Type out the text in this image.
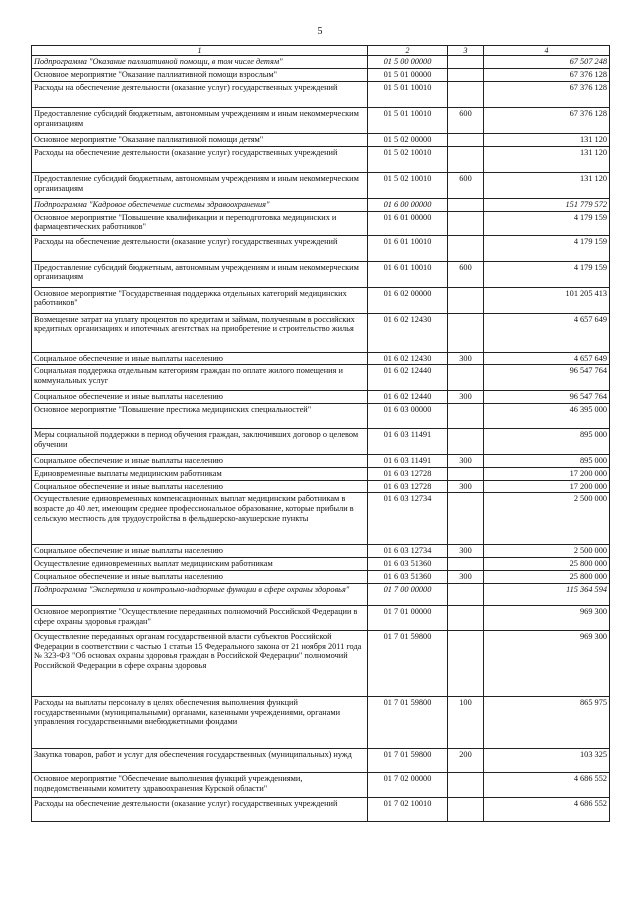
5
1	2	3	4
Подпрограмма "Оказание паллиативной помощи, в том числе детям"	01 5 00 00000		67 507 248
Основное мероприятие "Оказание паллиативной помощи взрослым"	01 5 01 00000		67 376 128
Расходы на обеспечение деятельности (оказание услуг) государственных учреждений	01 5 01 10010		67 376 128
Предоставление субсидий бюджетным, автономным учреждениям и иным некоммерческим организациям	01 5 01 10010	600	67 376 128
Основное мероприятие "Оказание паллиативной помощи детям"	01 5 02 00000		131 120
Расходы на обеспечение деятельности (оказание услуг) государственных учреждений	01 5 02 10010		131 120
Предоставление субсидий бюджетным, автономным учреждениям и иным некоммерческим организациям	01 5 02 10010	600	131 120
Подпрограмма "Кадровое обеспечение системы здравоохранения"	01 6 00 00000		151 779 572
Основное мероприятие "Повышение квалификации и переподготовка медицинских и фармацевтических работников"	01 6 01 00000		4 179 159
Расходы на обеспечение деятельности (оказание услуг) государственных учреждений	01 6 01 10010		4 179 159
Предоставление субсидий бюджетным, автономным учреждениям и иным некоммерческим организациям	01 6 01 10010	600	4 179 159
Основное мероприятие "Государственная поддержка отдельных категорий медицинских работников"	01 6 02 00000		101 205 413
Возмещение затрат на уплату процентов по кредитам и займам, полученным в российских кредитных организациях и ипотечных агентствах на приобретение и строительство жилья	01 6 02 12430		4 657 649
Социальное обеспечение и иные выплаты населению	01 6 02 12430	300	4 657 649
Социальная поддержка отдельным категориям граждан по оплате жилого помещения и коммунальных услуг	01 6 02 12440		96 547 764
Социальное обеспечение и иные выплаты населению	01 6 02 12440	300	96 547 764
Основное мероприятие "Повышение престижа медицинских специальностей"	01 6 03 00000		46 395 000
Меры социальной поддержки в период обучения граждан, заключивших договор о целевом обучении	01 6 03 11491		895 000
Социальное обеспечение и иные выплаты населению	01 6 03 11491	300	895 000
Единовременные выплаты медицинским работникам	01 6 03 12728		17 200 000
Социальное обеспечение и иные выплаты населению	01 6 03 12728	300	17 200 000
Осуществление единовременных компенсационных выплат медицинским работникам в возрасте до 40 лет, имеющим среднее профессиональное образование, которые прибыли в сельскую местность для трудоустройства в фельдшерско-акушерские пункты	01 6 03 12734		2 500 000
Социальное обеспечение и иные выплаты населению	01 6 03 12734	300	2 500 000
Осуществление единовременных выплат медицинским работникам	01 6 03 51360		25 800 000
Социальное обеспечение и иные выплаты населению	01 6 03 51360	300	25 800 000
Подпрограмма "Экспертиза и контрольно-надзорные функции в сфере охраны здоровья"	01 7 00 00000		115 364 594
Основное мероприятие "Осуществление переданных полномочий Российской Федерации в сфере охраны здоровья граждан"	01 7 01 00000		969 300
Осуществление переданных органам государственной власти субъектов Российской Федерации в соответствии с частью 1 статьи 15 Федерального закона от 21 ноября 2011 года № 323-ФЗ "Об основах охраны здоровья граждан в Российской Федерации" полномочий Российской Федерации в сфере охраны здоровья	01 7 01 59800		969 300
Расходы на выплаты персоналу в целях обеспечения выполнения функций государственными (муниципальными) органами, казенными учреждениями, органами управления государственными внебюджетными фондами	01 7 01 59800	100	865 975
Закупка товаров, работ и услуг для обеспечения государственных (муниципальных) нужд	01 7 01 59800	200	103 325
Основное мероприятие "Обеспечение выполнения функций учреждениями, подведомственными комитету здравоохранения Курской области"	01 7 02 00000		4 686 552
Расходы на обеспечение деятельности (оказание услуг) государственных учреждений	01 7 02 10010		4 686 552
